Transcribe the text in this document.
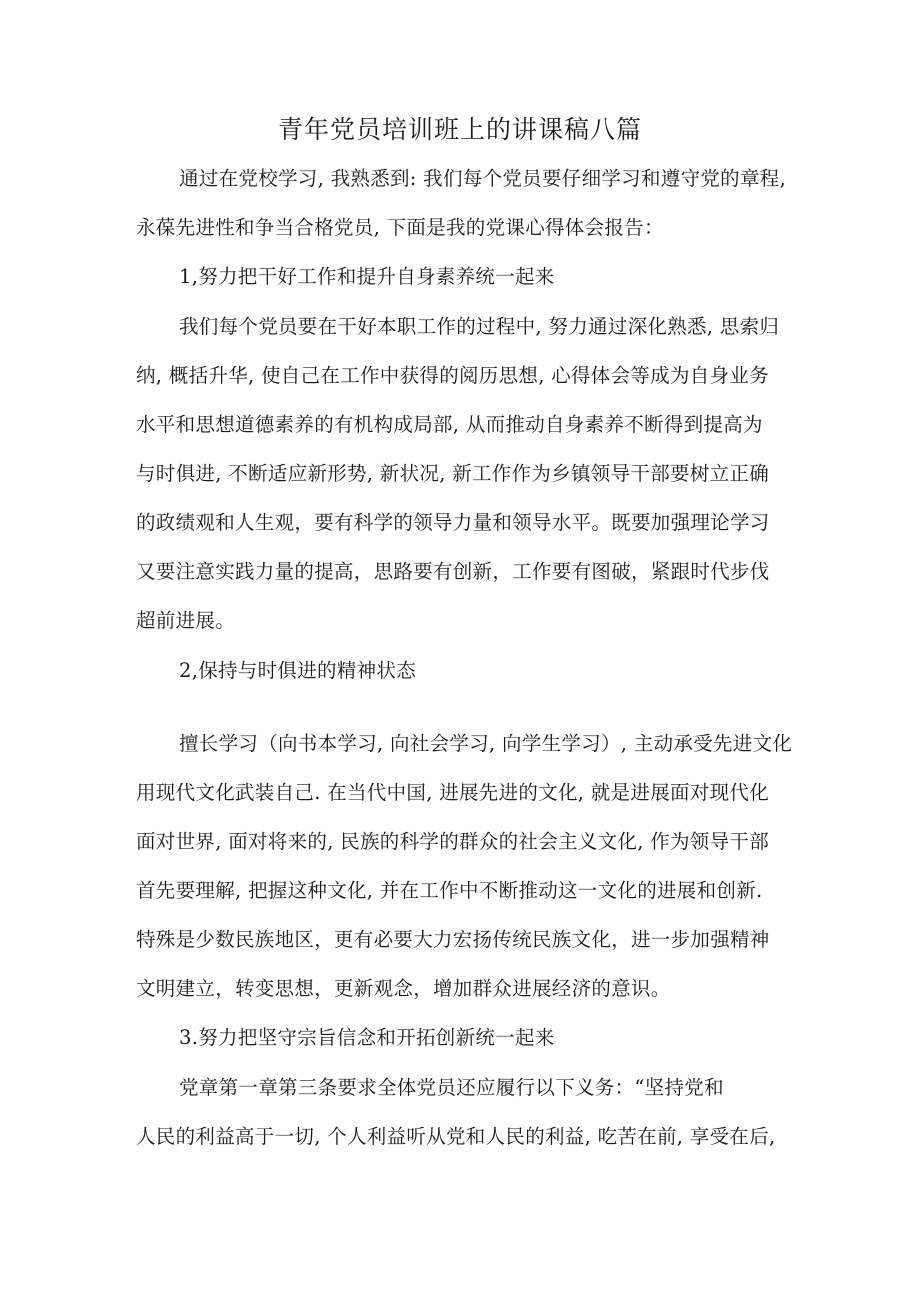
青年党员培训班上的讲课稿八篇
通过在党校学习, 我熟悉到: 我们每个党员要仔细学习和遵守党的章程,
永葆先进性和争当合格党员, 下面是我的党课心得体会报告：
1,努力把干好工作和提升自身素养统一起来
我们每个党员要在干好本职工作的过程中, 努力通过深化熟悉, 思索归
纳, 概括升华, 使自己在工作中获得的阅历思想, 心得体会等成为自身业务
水平和思想道德素养的有机构成局部, 从而推动自身素养不断得到提高为
与时俱进, 不断适应新形势, 新状况, 新工作作为乡镇领导干部要树立正确
的政绩观和人生观，要有科学的领导力量和领导水平。既要加强理论学习
又要注意实践力量的提高，思路要有创新，工作要有图破，紧跟时代步伐
超前进展。
2,保持与时俱进的精神状态
擅长学习（向书本学习, 向社会学习, 向学生学习）, 主动承受先进文化
用现代文化武装自己. 在当代中国, 进展先进的文化, 就是进展面对现代化
面对世界, 面对将来的, 民族的科学的群众的社会主义文化, 作为领导干部
首先要理解, 把握这种文化, 并在工作中不断推动这一文化的进展和创新.
特殊是少数民族地区，更有必要大力宏扬传统民族文化，进一步加强精神
文明建立，转变思想，更新观念，增加群众进展经济的意识。
3.努力把坚守宗旨信念和开拓创新统一起来
党章第一章第三条要求全体党员还应履行以下义务：“坚持党和
人民的利益高于一切, 个人利益听从党和人民的利益, 吃苦在前, 享受在后,
